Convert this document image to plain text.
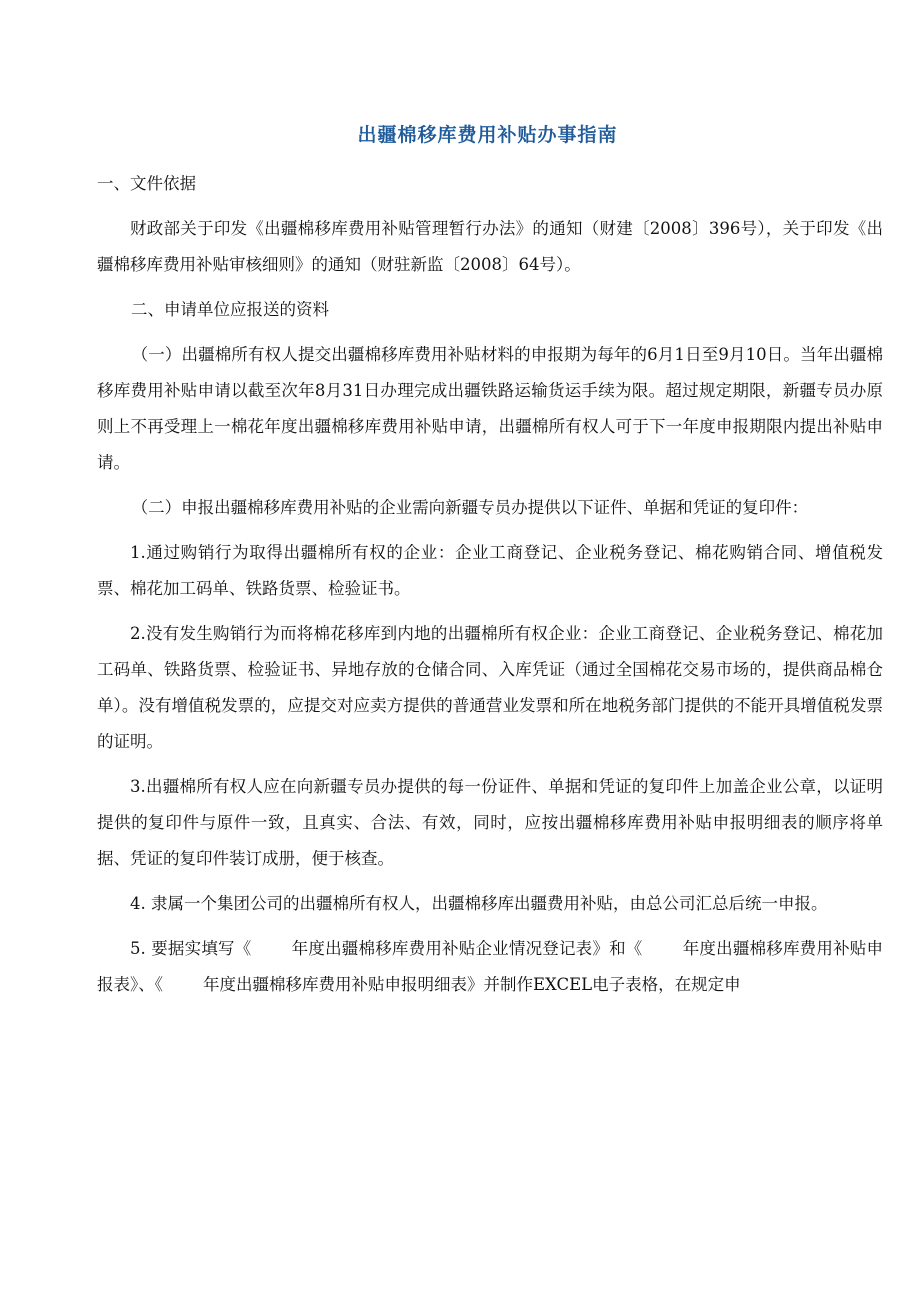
出疆棉移库费用补贴办事指南

一、文件依据

财政部关于印发《出疆棉移库费用补贴管理暂行办法》的通知（财建〔2008〕396号），关于印发《出疆棉移库费用补贴审核细则》的通知（财驻新监〔2008〕64号）。

二、申请单位应报送的资料

（一）出疆棉所有权人提交出疆棉移库费用补贴材料的申报期为每年的6月1日至9月10日。当年出疆棉移库费用补贴申请以截至次年8月31日办理完成出疆铁路运输货运手续为限。超过规定期限，新疆专员办原则上不再受理上一棉花年度出疆棉移库费用补贴申请，出疆棉所有权人可于下一年度申报期限内提出补贴申请。

（二）申报出疆棉移库费用补贴的企业需向新疆专员办提供以下证件、单据和凭证的复印件：

1.通过购销行为取得出疆棉所有权的企业：企业工商登记、企业税务登记、棉花购销合同、增值税发票、棉花加工码单、铁路货票、检验证书。

2.没有发生购销行为而将棉花移库到内地的出疆棉所有权企业：企业工商登记、企业税务登记、棉花加工码单、铁路货票、检验证书、异地存放的仓储合同、入库凭证（通过全国棉花交易市场的，提供商品棉仓单）。没有增值税发票的，应提交对应卖方提供的普通营业发票和所在地税务部门提供的不能开具增值税发票的证明。

3.出疆棉所有权人应在向新疆专员办提供的每一份证件、单据和凭证的复印件上加盖企业公章，以证明提供的复印件与原件一致，且真实、合法、有效，同时，应按出疆棉移库费用补贴申报明细表的顺序将单据、凭证的复印件装订成册，便于核查。

4. 隶属一个集团公司的出疆棉所有权人，出疆棉移库出疆费用补贴，由总公司汇总后统一申报。

5. 要据实填写《 年度出疆棉移库费用补贴企业情况登记表》和《 年度出疆棉移库费用补贴申报表》、《 年度出疆棉移库费用补贴申报明细表》并制作EXCEL电子表格，在规定申
